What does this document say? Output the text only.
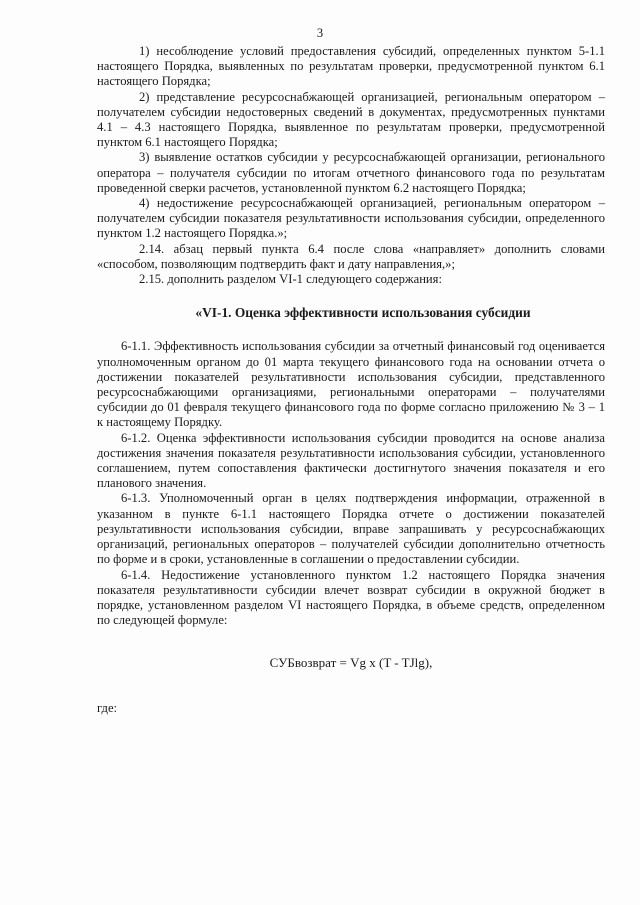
3

1) несоблюдение условий предоставления субсидий, определенных пунктом 5-1.1 настоящего Порядка, выявленных по результатам проверки, предусмотренной пунктом 6.1 настоящего Порядка;

2) представление ресурсоснабжающей организацией, региональным оператором – получателем субсидии недостоверных сведений в документах, предусмотренных пунктами 4.1 – 4.3 настоящего Порядка, выявленное по результатам проверки, предусмотренной пунктом 6.1 настоящего Порядка;

3) выявление остатков субсидии у ресурсоснабжающей организации, регионального оператора – получателя субсидии по итогам отчетного финансового года по результатам проведенной сверки расчетов, установленной пунктом 6.2 настоящего Порядка;

4) недостижение ресурсоснабжающей организацией, региональным оператором – получателем субсидии показателя результативности использования субсидии, определенного пунктом 1.2 настоящего Порядка.»;

2.14. абзац первый пункта 6.4 после слова «направляет» дополнить словами «способом, позволяющим подтвердить факт и дату направления,»;

2.15. дополнить разделом VI-1 следующего содержания:

«VI-1. Оценка эффективности использования субсидии

6-1.1. Эффективность использования субсидии за отчетный финансовый год оценивается уполномоченным органом до 01 марта текущего финансового года на основании отчета о достижении показателей результативности использования субсидии, представленного ресурсоснабжающими организациями, региональными операторами – получателями субсидии до 01 февраля текущего финансового года по форме согласно приложению № 3 – 1 к настоящему Порядку.

6-1.2. Оценка эффективности использования субсидии проводится на основе анализа достижения значения показателя результативности использования субсидии, установленного соглашением, путем сопоставления фактически достигнутого значения показателя и его планового значения.

6-1.3. Уполномоченный орган в целях подтверждения информации, отраженной в указанном в пункте 6-1.1 настоящего Порядка отчете о достижении показателей результативности использования субсидии, вправе запрашивать у ресурсоснабжающих организаций, региональных операторов – получателей субсидии дополнительно отчетность по форме и в сроки, установленные в соглашении о предоставлении субсидии.

6-1.4. Недостижение установленного пунктом 1.2 настоящего Порядка значения показателя результативности субсидии влечет возврат субсидии в окружной бюджет в порядке, установленном разделом VI настоящего Порядка, в объеме средств, определенном по следующей формуле:

СУБвозврат = Vg x (T - TJlg),

где:
